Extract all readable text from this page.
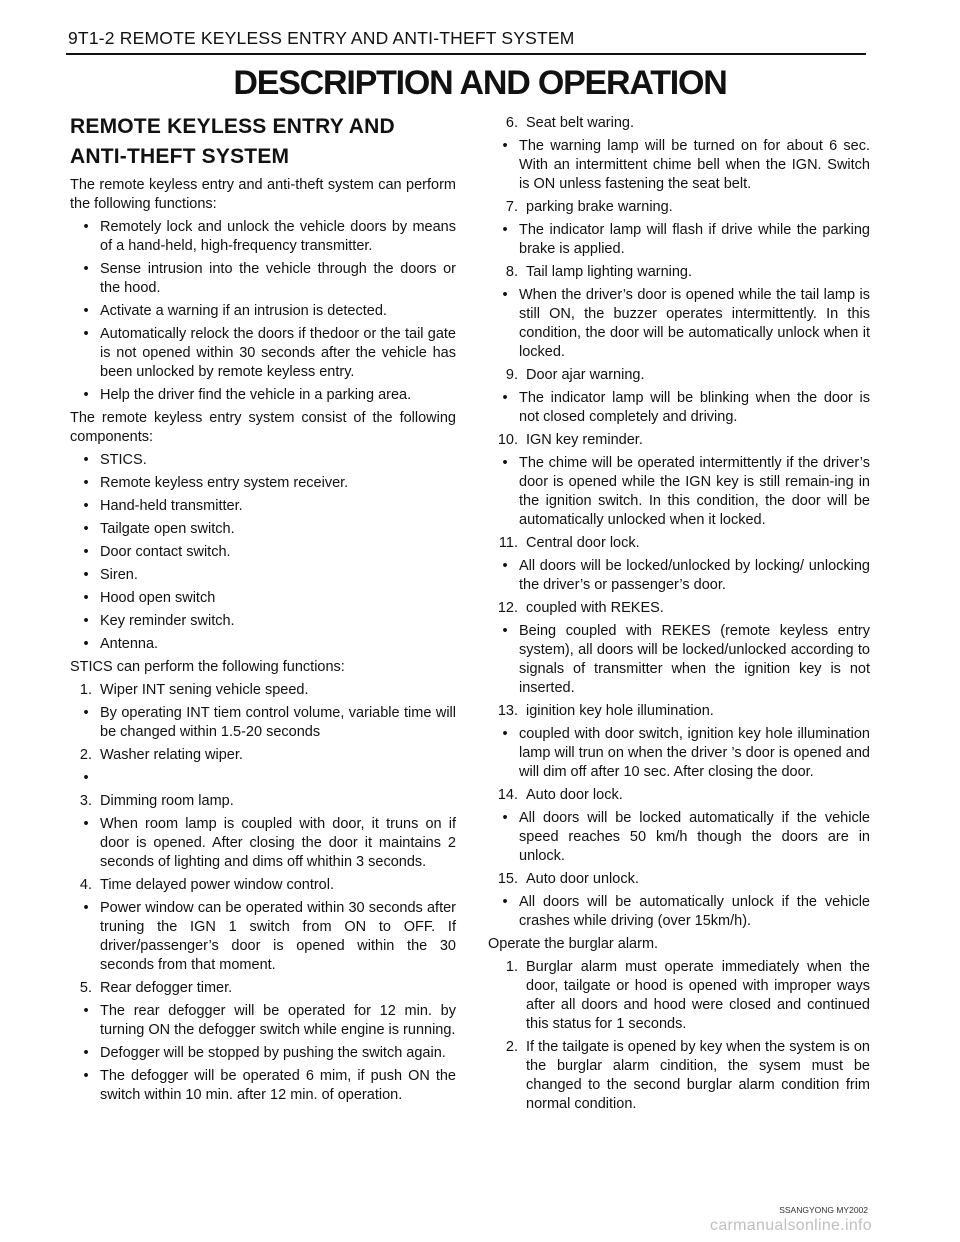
9T1-2 REMOTE KEYLESS ENTRY AND ANTI-THEFT SYSTEM
DESCRIPTION AND OPERATION
REMOTE KEYLESS ENTRY AND
ANTI-THEFT SYSTEM
The remote keyless entry and anti-theft system can perform the following functions:
• Remotely lock and unlock the vehicle doors by means of a hand-held, high-frequency transmitter.
• Sense intrusion into the vehicle through the doors or the hood.
• Activate a warning if an intrusion is detected.
• Automatically relock the doors if thedoor or the tail gate is not opened within 30 seconds after the vehicle has been unlocked by remote keyless entry.
• Help the driver find the vehicle in a parking area.
The remote keyless entry system consist of the following components:
• STICS.
• Remote keyless entry system receiver.
• Hand-held transmitter.
• Tailgate open switch.
• Door contact switch.
• Siren.
• Hood open switch
• Key reminder switch.
• Antenna.
STICS can perform the following functions:
1. Wiper INT sening vehicle speed.
• By operating INT tiem control volume, variable time will be changed within 1.5-20 seconds
2. Washer relating wiper.
•
3. Dimming room lamp.
• When room lamp is coupled with door, it truns on if door is opened. After closing the door it maintains 2 seconds of lighting and dims off whithin 3 seconds.
4. Time delayed power window control.
• Power window can be operated within 30 seconds after truning the IGN 1 switch from ON to OFF. If driver/passenger’s door is opened within the 30 seconds from that moment.
5. Rear defogger timer.
• The rear defogger will be operated for 12 min. by turning ON the defogger switch while engine is running.
• Defogger will be stopped by pushing the switch again.
• The defogger will be operated 6 mim, if push ON the switch within 10 min. after 12 min. of operation.
6. Seat belt waring.
• The warning lamp will be turned on for about 6 sec. With an intermittent chime bell when the IGN. Switch is ON unless fastening the seat belt.
7. parking brake warning.
• The indicator lamp will flash if drive while the parking brake is applied.
8. Tail lamp lighting warning.
• When the driver’s door is opened while the tail lamp is still ON, the buzzer operates intermittently. In this condition, the door will be automatically unlock when it locked.
9. Door ajar warning.
• The indicator lamp will be blinking when the door is not closed completely and driving.
10. IGN key reminder.
• The chime will be operated intermittently if the driver’s door is opened while the IGN key is still remain-ing in the ignition switch. In this condition, the door will be automatically unlocked when it locked.
11. Central door lock.
• All doors will be locked/unlocked by locking/ unlocking the driver’s or passenger’s door.
12. coupled with REKES.
• Being coupled with REKES (remote keyless entry system), all doors will be locked/unlocked according to signals of transmitter when the ignition key is not inserted.
13. iginition key hole illumination.
• coupled with door switch, ignition key hole illumination lamp will trun on when the driver ’s door is opened and will dim off after 10 sec. After closing the door.
14. Auto door lock.
• All doors will be locked automatically if the vehicle speed reaches 50 km/h though the doors are in unlock.
15. Auto door unlock.
• All doors will be automatically unlock if the vehicle crashes while driving (over 15km/h).
Operate the burglar alarm.
1. Burglar alarm must operate immediately when the door, tailgate or hood is opened with improper ways after all doors and hood were closed and continued this status for 1 seconds.
2. If the tailgate is opened by key when the system is on the burglar alarm cindition, the sysem must be changed to the second burglar alarm condition frim normal condition.
SSANGYONG MY2002
carmanualsonline.info
